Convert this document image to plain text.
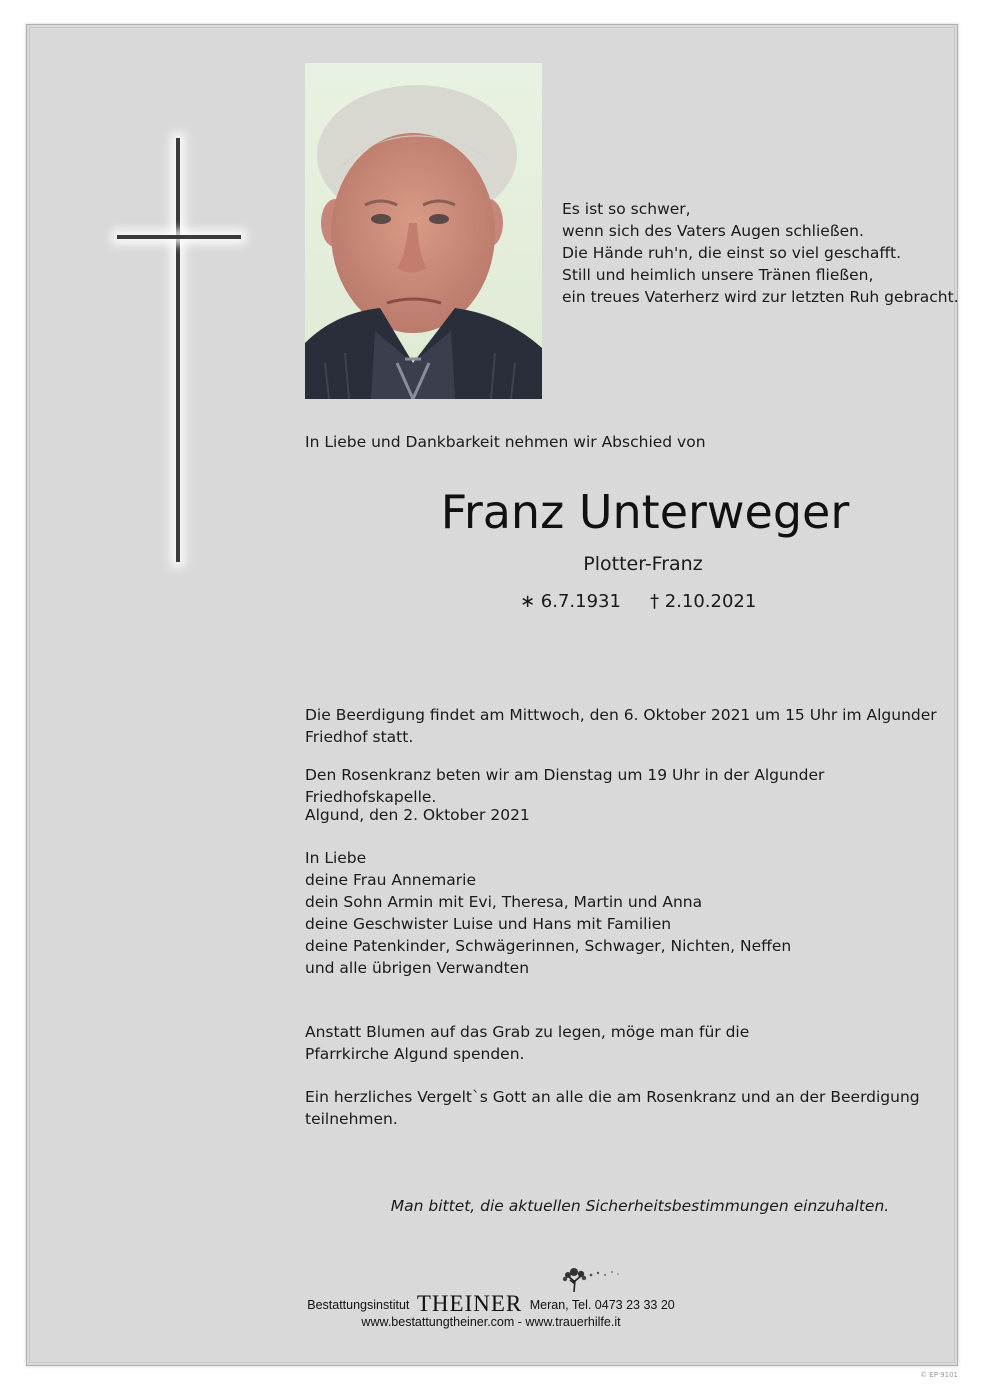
Es ist so schwer,
wenn sich des Vaters Augen schließen.
Die Hände ruh'n, die einst so viel geschafft.
Still und heimlich unsere Tränen fließen,
ein treues Vaterherz wird zur letzten Ruh gebracht.
In Liebe und Dankbarkeit nehmen wir Abschied von
Franz Unterweger
Plotter-Franz
∗ 6.7.1931 † 2.10.2021
Die Beerdigung findet am Mittwoch, den 6. Oktober 2021 um 15 Uhr im Algunder Friedhof statt.
Den Rosenkranz beten wir am Dienstag um 19 Uhr in der Algunder Friedhofskapelle.
Algund, den 2. Oktober 2021
In Liebe
deine Frau Annemarie
dein Sohn Armin mit Evi, Theresa, Martin und Anna
deine Geschwister Luise und Hans mit Familien
deine Patenkinder, Schwägerinnen, Schwager, Nichten, Neffen
und alle übrigen Verwandten
Anstatt Blumen auf das Grab zu legen, möge man für die Pfarrkirche Algund spenden.
Ein herzliches Vergelt`s Gott an alle die am Rosenkranz und an der Beerdigung teilnehmen.
Man bittet, die aktuellen Sicherheitsbestimmungen einzuhalten.
Bestattungsinstitut THEINER Meran, Tel. 0473 23 33 20
www.bestattungtheiner.com - www.trauerhilfe.it
© EP 9101
